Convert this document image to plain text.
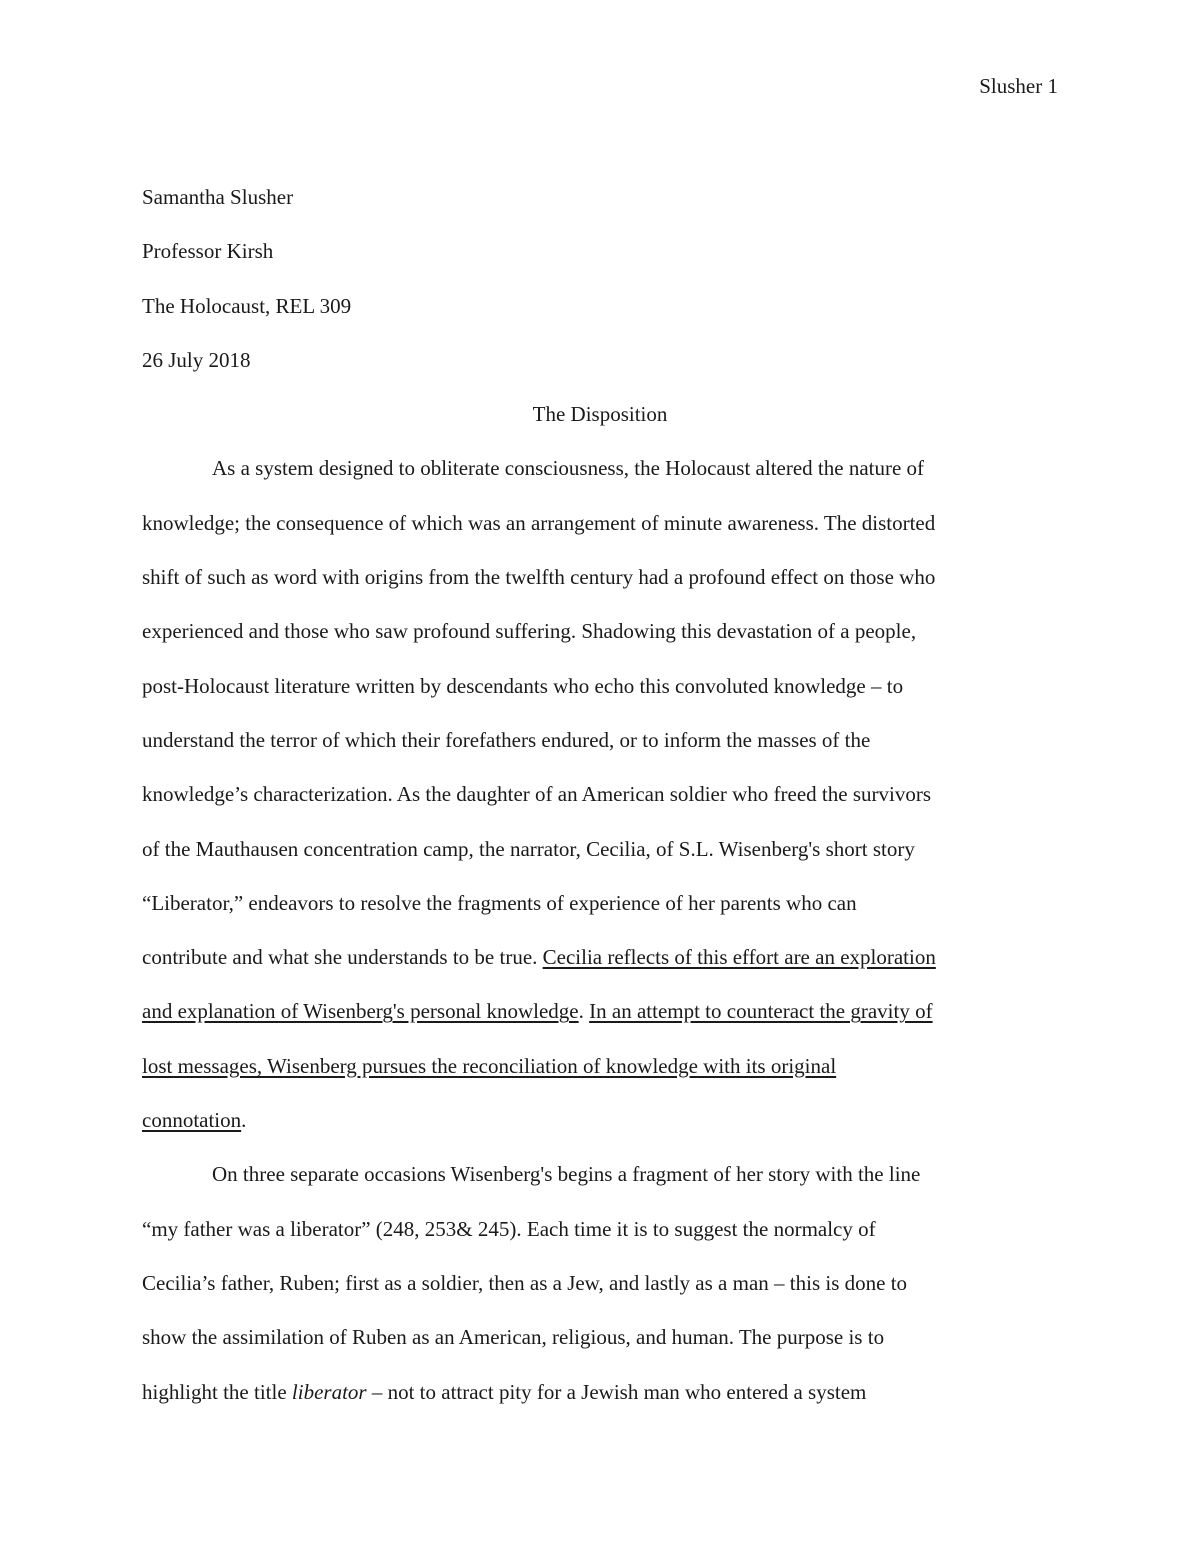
Slusher 1
Samantha Slusher
Professor Kirsh
The Holocaust, REL 309
26 July 2018
The Disposition
As a system designed to obliterate consciousness, the Holocaust altered the nature of
knowledge; the consequence of which was an arrangement of minute awareness. The distorted
shift of such as word with origins from the twelfth century had a profound effect on those who
experienced and those who saw profound suffering. Shadowing this devastation of a people,
post-Holocaust literature written by descendants who echo this convoluted knowledge – to
understand the terror of which their forefathers endured, or to inform the masses of the
knowledge’s characterization. As the daughter of an American soldier who freed the survivors
of the Mauthausen concentration camp, the narrator, Cecilia, of S.L. Wisenberg's short story
“Liberator,” endeavors to resolve the fragments of experience of her parents who can
contribute and what she understands to be true. Cecilia reflects of this effort are an exploration
and explanation of Wisenberg's personal knowledge. In an attempt to counteract the gravity of
lost messages, Wisenberg pursues the reconciliation of knowledge with its original
connotation.
On three separate occasions Wisenberg's begins a fragment of her story with the line
“my father was a liberator” (248, 253& 245). Each time it is to suggest the normalcy of
Cecilia’s father, Ruben; first as a soldier, then as a Jew, and lastly as a man – this is done to
show the assimilation of Ruben as an American, religious, and human. The purpose is to
highlight the title liberator – not to attract pity for a Jewish man who entered a system
